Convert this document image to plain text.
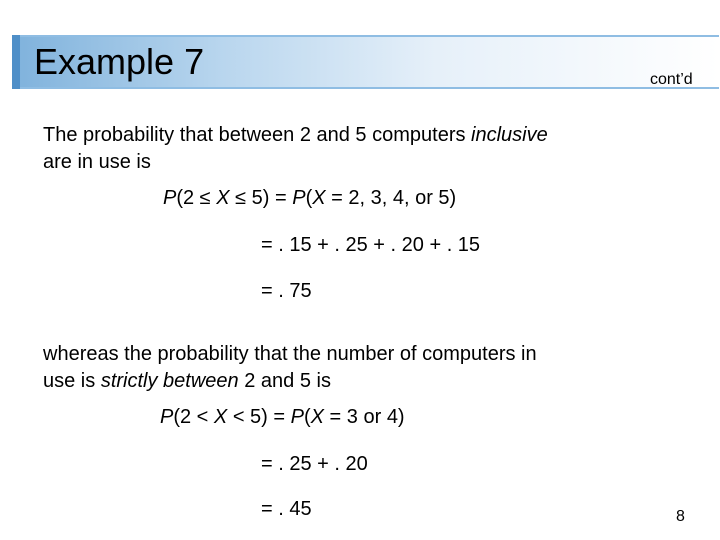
Example 7	cont’d
The probability that between 2 and 5 computers inclusive
are in use is
P(2 ≤ X ≤ 5) = P(X = 2, 3, 4, or 5)
= . 15 + . 25 + . 20 + . 15
= . 75
whereas the probability that the number of computers in
use is strictly between 2 and 5 is
P(2 < X < 5) = P(X = 3 or 4)
= . 25 + . 20
= . 45	8
